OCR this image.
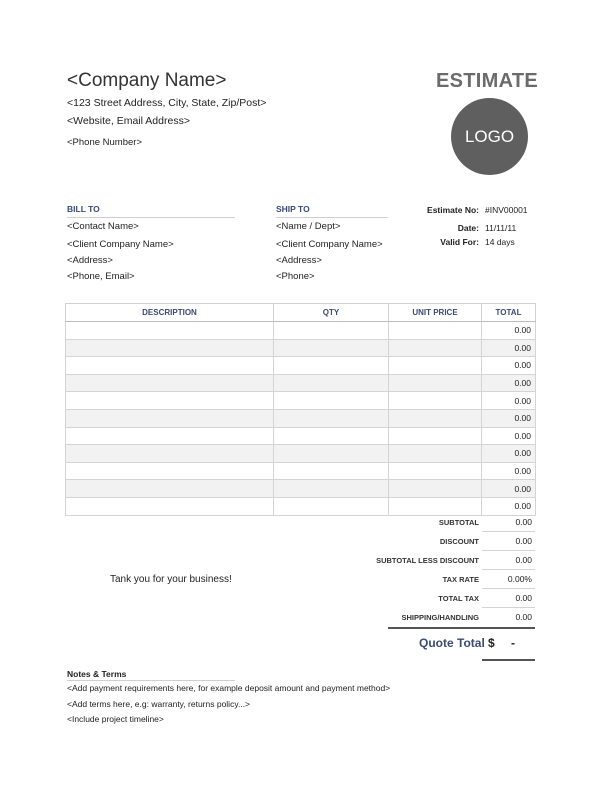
<Company Name>
<123 Street Address, City, State, Zip/Post>
<Website, Email Address>
<Phone Number>
ESTIMATE
LOGO
BILL TO
<Contact Name>
<Client Company Name>
<Address>
<Phone, Email>
SHIP TO
<Name / Dept>
<Client Company Name>
<Address>
<Phone>
Estimate No: #INV00001
Date: 11/11/11
Valid For: 14 days
DESCRIPTION	QTY	UNIT PRICE	TOTAL
			0.00
			0.00
			0.00
			0.00
			0.00
			0.00
			0.00
			0.00
			0.00
			0.00
			0.00
SUBTOTAL	0.00
DISCOUNT	0.00
SUBTOTAL LESS DISCOUNT	0.00
TAX RATE	0.00%
TOTAL TAX	0.00
SHIPPING/HANDLING	0.00
Quote Total $ -
Tank you for your business!
Notes & Terms
<Add payment requirements here, for example deposit amount and payment method>
<Add terms here, e.g: warranty, returns policy...>
<Include project timeline>
